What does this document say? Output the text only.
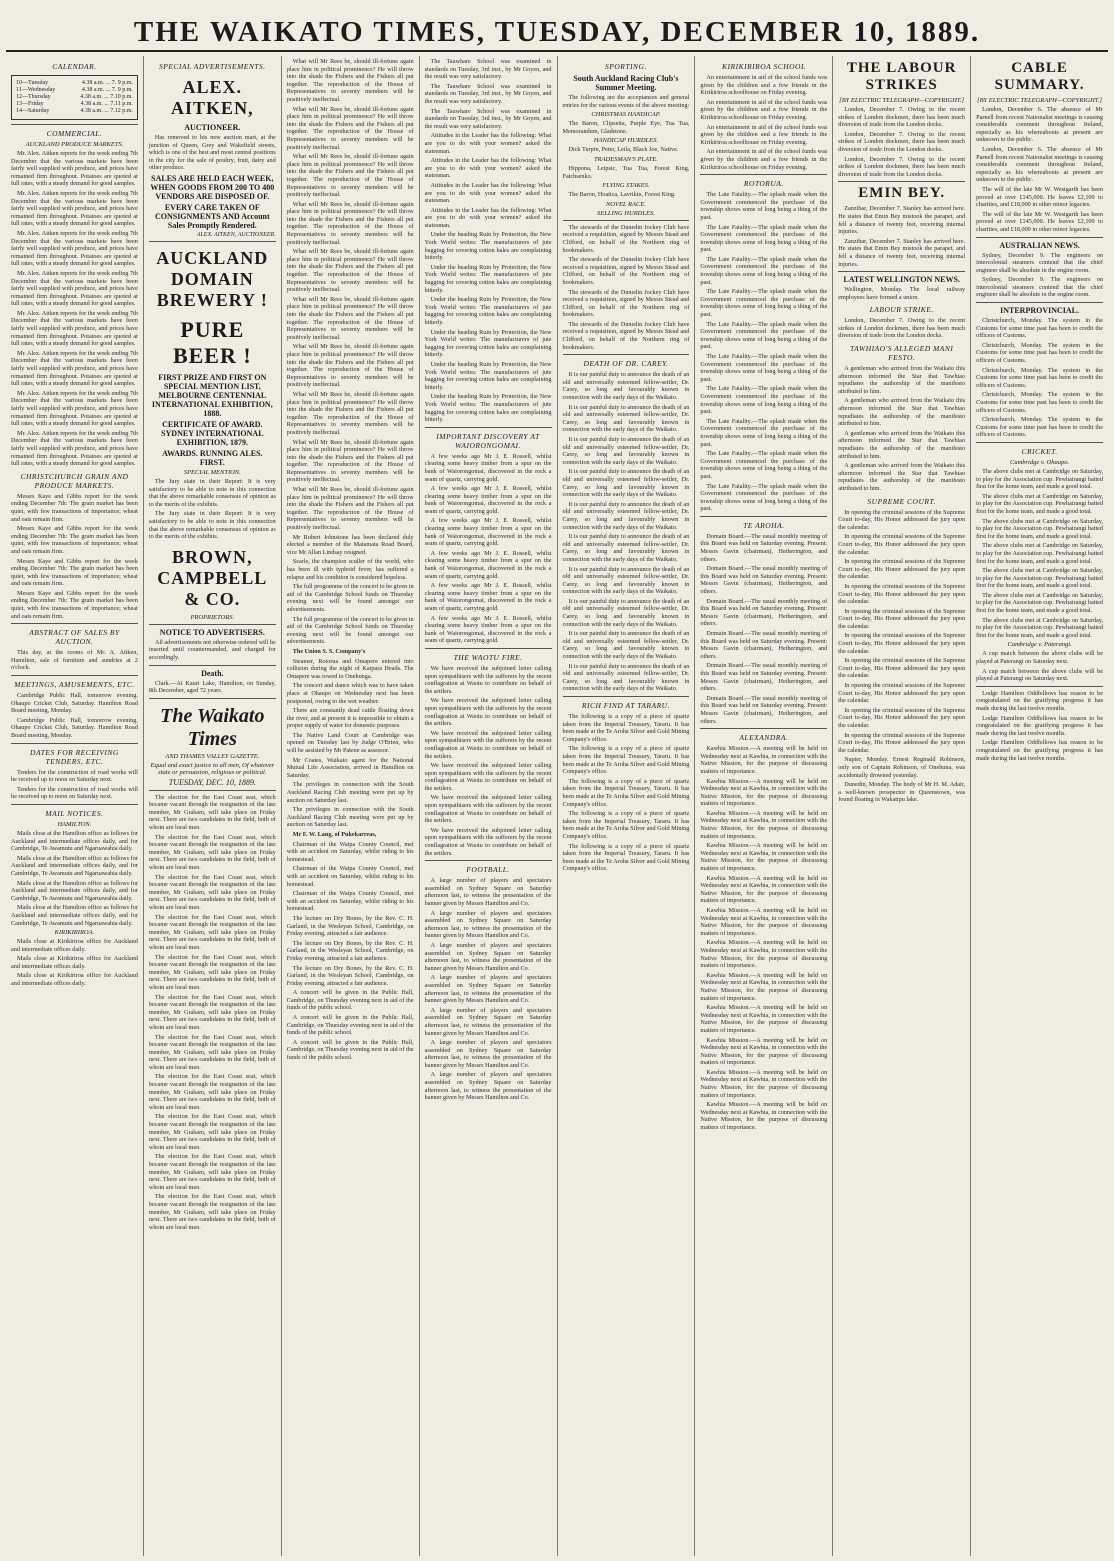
THE WAIKATO TIMES, TUESDAY, DECEMBER 10, 1889.
CALENDAR.
10—Tuesday	4.38 a.m. ... 7. 9 p.m.
11—Wednesday	4.38 a.m. ... 7. 9 p.m.
12—Thursday	4.38 a.m. ... 7.10 p.m.
13—Friday	4.38 a.m. ... 7.11 p.m.
14—Saturday	4.38 a.m. ... 7.12 p.m.
COMMERCIAL.
AUCKLAND PRODUCE MARKETS.

Mr. Alex. Aitken reports for the week ending 7th December that the various markets have been fairly well supplied with produce, and prices have remained firm throughout. Potatoes are quoted at full rates, with a steady demand for good samples.

Mr. Alex. Aitken reports for the week ending 7th December that the various markets have been fairly well supplied with produce, and prices have remained firm throughout. Potatoes are quoted at full rates, with a steady demand for good samples.

Mr. Alex. Aitken reports for the week ending 7th December that the various markets have been fairly well supplied with produce, and prices have remained firm throughout. Potatoes are quoted at full rates, with a steady demand for good samples.

Mr. Alex. Aitken reports for the week ending 7th December that the various markets have been fairly well supplied with produce, and prices have remained firm throughout. Potatoes are quoted at full rates, with a steady demand for good samples.

Mr. Alex. Aitken reports for the week ending 7th December that the various markets have been fairly well supplied with produce, and prices have remained firm throughout. Potatoes are quoted at full rates, with a steady demand for good samples.

Mr. Alex. Aitken reports for the week ending 7th December that the various markets have been fairly well supplied with produce, and prices have remained firm throughout. Potatoes are quoted at full rates, with a steady demand for good samples.

Mr. Alex. Aitken reports for the week ending 7th December that the various markets have been fairly well supplied with produce, and prices have remained firm throughout. Potatoes are quoted at full rates, with a steady demand for good samples.

Mr. Alex. Aitken reports for the week ending 7th December that the various markets have been fairly well supplied with produce, and prices have remained firm throughout. Potatoes are quoted at full rates, with a steady demand for good samples.

CHRISTCHURCH GRAIN AND PRODUCE MARKETS.

Messrs Kaye and Gibbs report for the week ending December 7th: The grain market has been quiet, with few transactions of importance; wheat and oats remain firm.

Messrs Kaye and Gibbs report for the week ending December 7th: The grain market has been quiet, with few transactions of importance; wheat and oats remain firm.

Messrs Kaye and Gibbs report for the week ending December 7th: The grain market has been quiet, with few transactions of importance; wheat and oats remain firm.

Messrs Kaye and Gibbs report for the week ending December 7th: The grain market has been quiet, with few transactions of importance; wheat and oats remain firm.

ABSTRACT OF SALES BY AUCTION.

This day, at the rooms of Mr. A. Aitken, Hamilton, sale of furniture and sundries at 2 o'clock.

MEETINGS, AMUSEMENTS, ETC.

Cambridge Public Hall, tomorrow evening. Ohaupo Cricket Club, Saturday. Hamilton Road Board meeting, Monday.

Cambridge Public Hall, tomorrow evening. Ohaupo Cricket Club, Saturday. Hamilton Road Board meeting, Monday.

DATES FOR RECEIVING TENDERS, ETC.

Tenders for the construction of road works will be received up to noon on Saturday next.

Tenders for the construction of road works will be received up to noon on Saturday next.

MAIL NOTICES.
HAMILTON.

Mails close at the Hamilton office as follows for Auckland and intermediate offices daily, and for Cambridge, Te Awamutu and Ngaruawahia daily.

Mails close at the Hamilton office as follows for Auckland and intermediate offices daily, and for Cambridge, Te Awamutu and Ngaruawahia daily.

Mails close at the Hamilton office as follows for Auckland and intermediate offices daily, and for Cambridge, Te Awamutu and Ngaruawahia daily.

Mails close at the Hamilton office as follows for Auckland and intermediate offices daily, and for Cambridge, Te Awamutu and Ngaruawahia daily.

KIRIKIRIROA.

Mails close at Kirikiriroa office for Auckland and intermediate offices daily.

Mails close at Kirikiriroa office for Auckland and intermediate offices daily.

Mails close at Kirikiriroa office for Auckland and intermediate offices daily.

SPECIAL ADVERTISEMENTS.
ALEX. AITKEN,
AUCTIONEER.

Has removed to his new auction mart, at the junction of Queen, Grey and Wakefield streets, which is one of the best and most central positions in the city for the sale of poultry, fruit, dairy and other produce.

SALES ARE HELD EACH WEEK, WHEN GOODS FROM 200 TO 400 VENDORS ARE DISPOSED OF.
EVERY CARE TAKEN OF CONSIGNMENTS AND Account Sales Promptly Rendered.
ALEX. AITKEN, AUCTIONEER.
AUCKLAND DOMAIN BREWERY !
PURE BEER !
FIRST PRIZE AND FIRST ON SPECIAL MENTION LIST, MELBOURNE CENTENNIAL INTERNATIONAL EXHIBITION, 1888.
CERTIFICATE OF AWARD. SYDNEY INTERNATIONAL EXHIBITION, 1879.
AWARDS. RUNNING ALES. FIRST.
SPECIAL MENTION.

The Jury state in their Report: It is very satisfactory to be able to note in this connection that the above remarkable consensus of opinion as to the merits of the exhibits.

The Jury state in their Report: It is very satisfactory to be able to note in this connection that the above remarkable consensus of opinion as to the merits of the exhibits.

BROWN, CAMPBELL & CO.
PROPRIETORS.
NOTICE TO ADVERTISERS.

All advertisements not otherwise ordered will be inserted until countermanded, and charged for accordingly.

Death.

Clark.—At Kauri Lake, Hamilton, on Sunday, 8th December, aged 72 years.

The Waikato Times
AND THAMES VALLEY GAZETTE.
Equal and exact justice to all men, Of whatever state or persuasion, religious or political.
TUESDAY, DEC. 10, 1889.

The election for the East Coast seat, which became vacant through the resignation of the late member, Mr Graham, will take place on Friday next. There are two candidates in the field, both of whom are local men.

The election for the East Coast seat, which became vacant through the resignation of the late member, Mr Graham, will take place on Friday next. There are two candidates in the field, both of whom are local men.

The election for the East Coast seat, which became vacant through the resignation of the late member, Mr Graham, will take place on Friday next. There are two candidates in the field, both of whom are local men.

The election for the East Coast seat, which became vacant through the resignation of the late member, Mr Graham, will take place on Friday next. There are two candidates in the field, both of whom are local men.

The election for the East Coast seat, which became vacant through the resignation of the late member, Mr Graham, will take place on Friday next. There are two candidates in the field, both of whom are local men.

The election for the East Coast seat, which became vacant through the resignation of the late member, Mr Graham, will take place on Friday next. There are two candidates in the field, both of whom are local men.

The election for the East Coast seat, which became vacant through the resignation of the late member, Mr Graham, will take place on Friday next. There are two candidates in the field, both of whom are local men.

The election for the East Coast seat, which became vacant through the resignation of the late member, Mr Graham, will take place on Friday next. There are two candidates in the field, both of whom are local men.

The election for the East Coast seat, which became vacant through the resignation of the late member, Mr Graham, will take place on Friday next. There are two candidates in the field, both of whom are local men.

The election for the East Coast seat, which became vacant through the resignation of the late member, Mr Graham, will take place on Friday next. There are two candidates in the field, both of whom are local men.

The election for the East Coast seat, which became vacant through the resignation of the late member, Mr Graham, will take place on Friday next. There are two candidates in the field, both of whom are local men.

What will Mr Rees be, should ill-fortune again place him in political prominence? He will throw into the shade the Fishers and the Fishers all put together. The reproduction of the House of Representatives to seventy members will be positively ineffectual.

What will Mr Rees be, should ill-fortune again place him in political prominence? He will throw into the shade the Fishers and the Fishers all put together. The reproduction of the House of Representatives to seventy members will be positively ineffectual.

What will Mr Rees be, should ill-fortune again place him in political prominence? He will throw into the shade the Fishers and the Fishers all put together. The reproduction of the House of Representatives to seventy members will be positively ineffectual.

What will Mr Rees be, should ill-fortune again place him in political prominence? He will throw into the shade the Fishers and the Fishers all put together. The reproduction of the House of Representatives to seventy members will be positively ineffectual.

What will Mr Rees be, should ill-fortune again place him in political prominence? He will throw into the shade the Fishers and the Fishers all put together. The reproduction of the House of Representatives to seventy members will be positively ineffectual.

What will Mr Rees be, should ill-fortune again place him in political prominence? He will throw into the shade the Fishers and the Fishers all put together. The reproduction of the House of Representatives to seventy members will be positively ineffectual.

What will Mr Rees be, should ill-fortune again place him in political prominence? He will throw into the shade the Fishers and the Fishers all put together. The reproduction of the House of Representatives to seventy members will be positively ineffectual.

What will Mr Rees be, should ill-fortune again place him in political prominence? He will throw into the shade the Fishers and the Fishers all put together. The reproduction of the House of Representatives to seventy members will be positively ineffectual.

What will Mr Rees be, should ill-fortune again place him in political prominence? He will throw into the shade the Fishers and the Fishers all put together. The reproduction of the House of Representatives to seventy members will be positively ineffectual.

What will Mr Rees be, should ill-fortune again place him in political prominence? He will throw into the shade the Fishers and the Fishers all put together. The reproduction of the House of Representatives to seventy members will be positively ineffectual.

Mr Robert Johnstone has been declared duly elected a member of the Matamata Road Board, vice Mr Allan Lindsay resigned.

Searle, the champion sculler of the world, who has been ill with typhoid fever, has suffered a relapse and his condition is considered hopeless.

The full programme of the concert to be given in aid of the Cambridge School funds on Thursday evening next will be found amongst our advertisements.

The full programme of the concert to be given in aid of the Cambridge School funds on Thursday evening next will be found amongst our advertisements.

The Union S. S. Company's

Steamer, Rotorua and Omapere entered into collision during the night of Kaipara Heads. The Omapere was towed to Onehunga.

The concert and dance which was to have taken place at Ohaupo on Wednesday next has been postponed, owing to the wet weather.

There are constantly dead cattle floating down the river, and at present it is impossible to obtain a proper supply of water for domestic purposes.

The Native Land Court at Cambridge was opened on Tuesday last by Judge O'Brien, who will be assisted by Mr Patene as assessor.

Mr Coates, Waikato agent for the National Mutual Life Association, arrived in Hamilton on Saturday.

The privileges in connection with the South Auckland Racing Club meeting were put up by auction on Saturday last.

The privileges in connection with the South Auckland Racing Club meeting were put up by auction on Saturday last.

Mr F. W. Lang, of Pukekarreas,

Chairman of the Waipa County Council, met with an accident on Saturday, whilst riding to his homestead.

Chairman of the Waipa County Council, met with an accident on Saturday, whilst riding to his homestead.

Chairman of the Waipa County Council, met with an accident on Saturday, whilst riding to his homestead.

The lecture on Dry Bones, by the Rev. C. H. Garland, in the Wesleyan School, Cambridge, on Friday evening, attracted a fair audience.

The lecture on Dry Bones, by the Rev. C. H. Garland, in the Wesleyan School, Cambridge, on Friday evening, attracted a fair audience.

The lecture on Dry Bones, by the Rev. C. H. Garland, in the Wesleyan School, Cambridge, on Friday evening, attracted a fair audience.

A concert will be given in the Public Hall, Cambridge, on Thursday evening next in aid of the funds of the public school.

A concert will be given in the Public Hall, Cambridge, on Thursday evening next in aid of the funds of the public school.

A concert will be given in the Public Hall, Cambridge, on Thursday evening next in aid of the funds of the public school.

The Tauwhare School was examined in standards on Tuesday, 3rd inst., by Mr Goyen, and the result was very satisfactory.

The Tauwhare School was examined in standards on Tuesday, 3rd inst., by Mr Goyen, and the result was very satisfactory.

The Tauwhare School was examined in standards on Tuesday, 3rd inst., by Mr Goyen, and the result was very satisfactory.

Attitudes in the Leader has the following: What are you to do with your women? asked the statesman.

Attitudes in the Leader has the following: What are you to do with your women? asked the statesman.

Attitudes in the Leader has the following: What are you to do with your women? asked the statesman.

Attitudes in the Leader has the following: What are you to do with your women? asked the statesman.

Under the heading Ruin by Protection, the New York World writes: The manufacturers of jute bagging for covering cotton bales are complaining bitterly.

Under the heading Ruin by Protection, the New York World writes: The manufacturers of jute bagging for covering cotton bales are complaining bitterly.

Under the heading Ruin by Protection, the New York World writes: The manufacturers of jute bagging for covering cotton bales are complaining bitterly.

Under the heading Ruin by Protection, the New York World writes: The manufacturers of jute bagging for covering cotton bales are complaining bitterly.

Under the heading Ruin by Protection, the New York World writes: The manufacturers of jute bagging for covering cotton bales are complaining bitterly.

Under the heading Ruin by Protection, the New York World writes: The manufacturers of jute bagging for covering cotton bales are complaining bitterly.

IMPORTANT DISCOVERY AT WAIORONGOMAI.

A few weeks ago Mr J. E. Rossell, whilst clearing some heavy timber from a spur on the bank of Waiorongomai, discovered in the rock a seam of quartz, carrying gold.

A few weeks ago Mr J. E. Rossell, whilst clearing some heavy timber from a spur on the bank of Waiorongomai, discovered in the rock a seam of quartz, carrying gold.

A few weeks ago Mr J. E. Rossell, whilst clearing some heavy timber from a spur on the bank of Waiorongomai, discovered in the rock a seam of quartz, carrying gold.

A few weeks ago Mr J. E. Rossell, whilst clearing some heavy timber from a spur on the bank of Waiorongomai, discovered in the rock a seam of quartz, carrying gold.

A few weeks ago Mr J. E. Rossell, whilst clearing some heavy timber from a spur on the bank of Waiorongomai, discovered in the rock a seam of quartz, carrying gold.

A few weeks ago Mr J. E. Rossell, whilst clearing some heavy timber from a spur on the bank of Waiorongomai, discovered in the rock a seam of quartz, carrying gold.

THE WAOTU FIRE.

We have received the subjoined letter calling upon sympathisers with the sufferers by the recent conflagration at Waotu to contribute on behalf of the settlers.

We have received the subjoined letter calling upon sympathisers with the sufferers by the recent conflagration at Waotu to contribute on behalf of the settlers.

We have received the subjoined letter calling upon sympathisers with the sufferers by the recent conflagration at Waotu to contribute on behalf of the settlers.

We have received the subjoined letter calling upon sympathisers with the sufferers by the recent conflagration at Waotu to contribute on behalf of the settlers.

We have received the subjoined letter calling upon sympathisers with the sufferers by the recent conflagration at Waotu to contribute on behalf of the settlers.

We have received the subjoined letter calling upon sympathisers with the sufferers by the recent conflagration at Waotu to contribute on behalf of the settlers.

FOOTBALL.

A large number of players and spectators assembled on Sydney Square on Saturday afternoon last, to witness the presentation of the banner given by Messrs Hamilton and Co.

A large number of players and spectators assembled on Sydney Square on Saturday afternoon last, to witness the presentation of the banner given by Messrs Hamilton and Co.

A large number of players and spectators assembled on Sydney Square on Saturday afternoon last, to witness the presentation of the banner given by Messrs Hamilton and Co.

A large number of players and spectators assembled on Sydney Square on Saturday afternoon last, to witness the presentation of the banner given by Messrs Hamilton and Co.

A large number of players and spectators assembled on Sydney Square on Saturday afternoon last, to witness the presentation of the banner given by Messrs Hamilton and Co.

A large number of players and spectators assembled on Sydney Square on Saturday afternoon last, to witness the presentation of the banner given by Messrs Hamilton and Co.

A large number of players and spectators assembled on Sydney Square on Saturday afternoon last, to witness the presentation of the banner given by Messrs Hamilton and Co.

SPORTING.
South Auckland Racing Club's Summer Meeting.

The following are the acceptances and general entries for the various events of the above meeting:

CHRISTMAS HANDICAP.

The Baron, Clipsetta, Purple Eye, Tua Tua, Memorandum, Gladstone.

HANDICAP HURDLES.

Dick Turpin, Peter, Leila, Black Joe, Native.

TRADESMAN'S PLATE.

Hippona, Leipsic, Tua Tua, Forest King, Fatchsenko.

FLYING STAKES.

The Baron, Hoatica, Lavrikin, Forest King.

NOVEL RACE.
SELLING HURDLES.

The stewards of the Dunedin Jockey Club have received a requisition, signed by Messrs Stead and Clifford, on behalf of the Northern ring of bookmakers.

The stewards of the Dunedin Jockey Club have received a requisition, signed by Messrs Stead and Clifford, on behalf of the Northern ring of bookmakers.

The stewards of the Dunedin Jockey Club have received a requisition, signed by Messrs Stead and Clifford, on behalf of the Northern ring of bookmakers.

The stewards of the Dunedin Jockey Club have received a requisition, signed by Messrs Stead and Clifford, on behalf of the Northern ring of bookmakers.

DEATH OF DR. CAREY.

It is our painful duty to announce the death of an old and universally esteemed fellow-settler, Dr. Carey, so long and favourably known in connection with the early days of the Waikato.

It is our painful duty to announce the death of an old and universally esteemed fellow-settler, Dr. Carey, so long and favourably known in connection with the early days of the Waikato.

It is our painful duty to announce the death of an old and universally esteemed fellow-settler, Dr. Carey, so long and favourably known in connection with the early days of the Waikato.

It is our painful duty to announce the death of an old and universally esteemed fellow-settler, Dr. Carey, so long and favourably known in connection with the early days of the Waikato.

It is our painful duty to announce the death of an old and universally esteemed fellow-settler, Dr. Carey, so long and favourably known in connection with the early days of the Waikato.

It is our painful duty to announce the death of an old and universally esteemed fellow-settler, Dr. Carey, so long and favourably known in connection with the early days of the Waikato.

It is our painful duty to announce the death of an old and universally esteemed fellow-settler, Dr. Carey, so long and favourably known in connection with the early days of the Waikato.

It is our painful duty to announce the death of an old and universally esteemed fellow-settler, Dr. Carey, so long and favourably known in connection with the early days of the Waikato.

It is our painful duty to announce the death of an old and universally esteemed fellow-settler, Dr. Carey, so long and favourably known in connection with the early days of the Waikato.

It is our painful duty to announce the death of an old and universally esteemed fellow-settler, Dr. Carey, so long and favourably known in connection with the early days of the Waikato.

RICH FIND AT TARARU.

The following is a copy of a piece of quartz taken from the Imperial Treasury, Tararu. It has been made at the Te Aroha Silver and Gold Mining Company's office.

The following is a copy of a piece of quartz taken from the Imperial Treasury, Tararu. It has been made at the Te Aroha Silver and Gold Mining Company's office.

The following is a copy of a piece of quartz taken from the Imperial Treasury, Tararu. It has been made at the Te Aroha Silver and Gold Mining Company's office.

The following is a copy of a piece of quartz taken from the Imperial Treasury, Tararu. It has been made at the Te Aroha Silver and Gold Mining Company's office.

The following is a copy of a piece of quartz taken from the Imperial Treasury, Tararu. It has been made at the Te Aroha Silver and Gold Mining Company's office.

KIRIKIRIROA SCHOOL

An entertainment in aid of the school funds was given by the children and a few friends in the Kirikiriroa schoolhouse on Friday evening.

An entertainment in aid of the school funds was given by the children and a few friends in the Kirikiriroa schoolhouse on Friday evening.

An entertainment in aid of the school funds was given by the children and a few friends in the Kirikiriroa schoolhouse on Friday evening.

An entertainment in aid of the school funds was given by the children and a few friends in the Kirikiriroa schoolhouse on Friday evening.

ROTORUA.

The Late Fatality.—The splash made when the Government commenced the purchase of the township shows some of long being a thing of the past.

The Late Fatality.—The splash made when the Government commenced the purchase of the township shows some of long being a thing of the past.

The Late Fatality.—The splash made when the Government commenced the purchase of the township shows some of long being a thing of the past.

The Late Fatality.—The splash made when the Government commenced the purchase of the township shows some of long being a thing of the past.

The Late Fatality.—The splash made when the Government commenced the purchase of the township shows some of long being a thing of the past.

The Late Fatality.—The splash made when the Government commenced the purchase of the township shows some of long being a thing of the past.

The Late Fatality.—The splash made when the Government commenced the purchase of the township shows some of long being a thing of the past.

The Late Fatality.—The splash made when the Government commenced the purchase of the township shows some of long being a thing of the past.

The Late Fatality.—The splash made when the Government commenced the purchase of the township shows some of long being a thing of the past.

The Late Fatality.—The splash made when the Government commenced the purchase of the township shows some of long being a thing of the past.

TE AROHA.

Domain Board.—The usual monthly meeting of this Board was held on Saturday evening. Present: Messrs Gavin (chairman), Hetherington, and others.

Domain Board.—The usual monthly meeting of this Board was held on Saturday evening. Present: Messrs Gavin (chairman), Hetherington, and others.

Domain Board.—The usual monthly meeting of this Board was held on Saturday evening. Present: Messrs Gavin (chairman), Hetherington, and others.

Domain Board.—The usual monthly meeting of this Board was held on Saturday evening. Present: Messrs Gavin (chairman), Hetherington, and others.

Domain Board.—The usual monthly meeting of this Board was held on Saturday evening. Present: Messrs Gavin (chairman), Hetherington, and others.

Domain Board.—The usual monthly meeting of this Board was held on Saturday evening. Present: Messrs Gavin (chairman), Hetherington, and others.

ALEXANDRA.

Kawhia Mission.—A meeting will be held on Wednesday next at Kawhia, in connection with the Native Mission, for the purpose of discussing matters of importance.

Kawhia Mission.—A meeting will be held on Wednesday next at Kawhia, in connection with the Native Mission, for the purpose of discussing matters of importance.

Kawhia Mission.—A meeting will be held on Wednesday next at Kawhia, in connection with the Native Mission, for the purpose of discussing matters of importance.

Kawhia Mission.—A meeting will be held on Wednesday next at Kawhia, in connection with the Native Mission, for the purpose of discussing matters of importance.

Kawhia Mission.—A meeting will be held on Wednesday next at Kawhia, in connection with the Native Mission, for the purpose of discussing matters of importance.

Kawhia Mission.—A meeting will be held on Wednesday next at Kawhia, in connection with the Native Mission, for the purpose of discussing matters of importance.

Kawhia Mission.—A meeting will be held on Wednesday next at Kawhia, in connection with the Native Mission, for the purpose of discussing matters of importance.

Kawhia Mission.—A meeting will be held on Wednesday next at Kawhia, in connection with the Native Mission, for the purpose of discussing matters of importance.

Kawhia Mission.—A meeting will be held on Wednesday next at Kawhia, in connection with the Native Mission, for the purpose of discussing matters of importance.

Kawhia Mission.—A meeting will be held on Wednesday next at Kawhia, in connection with the Native Mission, for the purpose of discussing matters of importance.

Kawhia Mission.—A meeting will be held on Wednesday next at Kawhia, in connection with the Native Mission, for the purpose of discussing matters of importance.

Kawhia Mission.—A meeting will be held on Wednesday next at Kawhia, in connection with the Native Mission, for the purpose of discussing matters of importance.

THE LABOUR STRIKES
[BY ELECTRIC TELEGRAPH—COPYRIGHT.]

London, December 7. Owing to the recent strikes of London dockmen, there has been much diversion of trade from the London docks.

London, December 7. Owing to the recent strikes of London dockmen, there has been much diversion of trade from the London docks.

London, December 7. Owing to the recent strikes of London dockmen, there has been much diversion of trade from the London docks.

EMIN BEY.

Zanzibar, December 7. Stanley has arrived here. He states that Emin Bey mistook the parapet, and fell a distance of twenty feet, receiving internal injuries.

Zanzibar, December 7. Stanley has arrived here. He states that Emin Bey mistook the parapet, and fell a distance of twenty feet, receiving internal injuries.

LATEST WELLINGTON NEWS.

Wellington, Monday. The local railway employees have formed a union.

LABOUR STRIKE.

London, December 7. Owing to the recent strikes of London dockmen, there has been much diversion of trade from the London docks.

TAWHIAO'S ALLEGED MANI FESTO.

A gentleman who arrived from the Waikato this afternoon informed the Star that Tawhiao repudiates the authorship of the manifesto attributed to him.

A gentleman who arrived from the Waikato this afternoon informed the Star that Tawhiao repudiates the authorship of the manifesto attributed to him.

A gentleman who arrived from the Waikato this afternoon informed the Star that Tawhiao repudiates the authorship of the manifesto attributed to him.

A gentleman who arrived from the Waikato this afternoon informed the Star that Tawhiao repudiates the authorship of the manifesto attributed to him.

SUPREME COURT.

In opening the criminal sessions of the Supreme Court to-day, His Honor addressed the jury upon the calendar.

In opening the criminal sessions of the Supreme Court to-day, His Honor addressed the jury upon the calendar.

In opening the criminal sessions of the Supreme Court to-day, His Honor addressed the jury upon the calendar.

In opening the criminal sessions of the Supreme Court to-day, His Honor addressed the jury upon the calendar.

In opening the criminal sessions of the Supreme Court to-day, His Honor addressed the jury upon the calendar.

In opening the criminal sessions of the Supreme Court to-day, His Honor addressed the jury upon the calendar.

In opening the criminal sessions of the Supreme Court to-day, His Honor addressed the jury upon the calendar.

In opening the criminal sessions of the Supreme Court to-day, His Honor addressed the jury upon the calendar.

In opening the criminal sessions of the Supreme Court to-day, His Honor addressed the jury upon the calendar.

In opening the criminal sessions of the Supreme Court to-day, His Honor addressed the jury upon the calendar.

Napier, Monday. Ernest Reginald Robinson, only son of Captain Robinson, of Onehuna, was accidentally drowned yesterday.

Dunedin, Monday. The body of Mr H. M. Adair, a well-known prospector in Queenstown, was found floating in Wakatipu lake.

CABLE SUMMARY.
[BY ELECTRIC TELEGRAPH—COPYRIGHT.]

London, December 6. The absence of Mr Parnell from recent Nationalist meetings is causing considerable comment throughout Ireland, especially as his whereabouts at present are unknown to the public.

London, December 6. The absence of Mr Parnell from recent Nationalist meetings is causing considerable comment throughout Ireland, especially as his whereabouts at present are unknown to the public.

The will of the late Mr W. Westgarth has been proved at over £145,000. He leaves £2,100 to charities, and £18,000 in other minor legacies.

The will of the late Mr W. Westgarth has been proved at over £145,000. He leaves £2,100 to charities, and £18,000 in other minor legacies.

AUSTRALIAN NEWS.

Sydney, December 9. The engineers on intercolonial steamers contend that the chief engineer shall be absolute in the engine room.

Sydney, December 9. The engineers on intercolonial steamers contend that the chief engineer shall be absolute in the engine room.

INTERPROVINCIAL.

Christchurch, Monday. The system in the Customs for some time past has been to credit the officers of Customs.

Christchurch, Monday. The system in the Customs for some time past has been to credit the officers of Customs.

Christchurch, Monday. The system in the Customs for some time past has been to credit the officers of Customs.

Christchurch, Monday. The system in the Customs for some time past has been to credit the officers of Customs.

Christchurch, Monday. The system in the Customs for some time past has been to credit the officers of Customs.

CRICKET.
Cambridge v. Ohaupo.

The above clubs met at Cambridge on Saturday, to play for the Association cup. Pewhairangi batted first for the home team, and made a good total.

The above clubs met at Cambridge on Saturday, to play for the Association cup. Pewhairangi batted first for the home team, and made a good total.

The above clubs met at Cambridge on Saturday, to play for the Association cup. Pewhairangi batted first for the home team, and made a good total.

The above clubs met at Cambridge on Saturday, to play for the Association cup. Pewhairangi batted first for the home team, and made a good total.

The above clubs met at Cambridge on Saturday, to play for the Association cup. Pewhairangi batted first for the home team, and made a good total.

The above clubs met at Cambridge on Saturday, to play for the Association cup. Pewhairangi batted first for the home team, and made a good total.

The above clubs met at Cambridge on Saturday, to play for the Association cup. Pewhairangi batted first for the home team, and made a good total.

Cambridge v. Paterangi.

A cup match between the above clubs will be played at Paterangi on Saturday next.

A cup match between the above clubs will be played at Paterangi on Saturday next.

Lodge Hamilton Oddfellows has reason to be congratulated on the gratifying progress it has made during the last twelve months.

Lodge Hamilton Oddfellows has reason to be congratulated on the gratifying progress it has made during the last twelve months.

Lodge Hamilton Oddfellows has reason to be congratulated on the gratifying progress it has made during the last twelve months.
